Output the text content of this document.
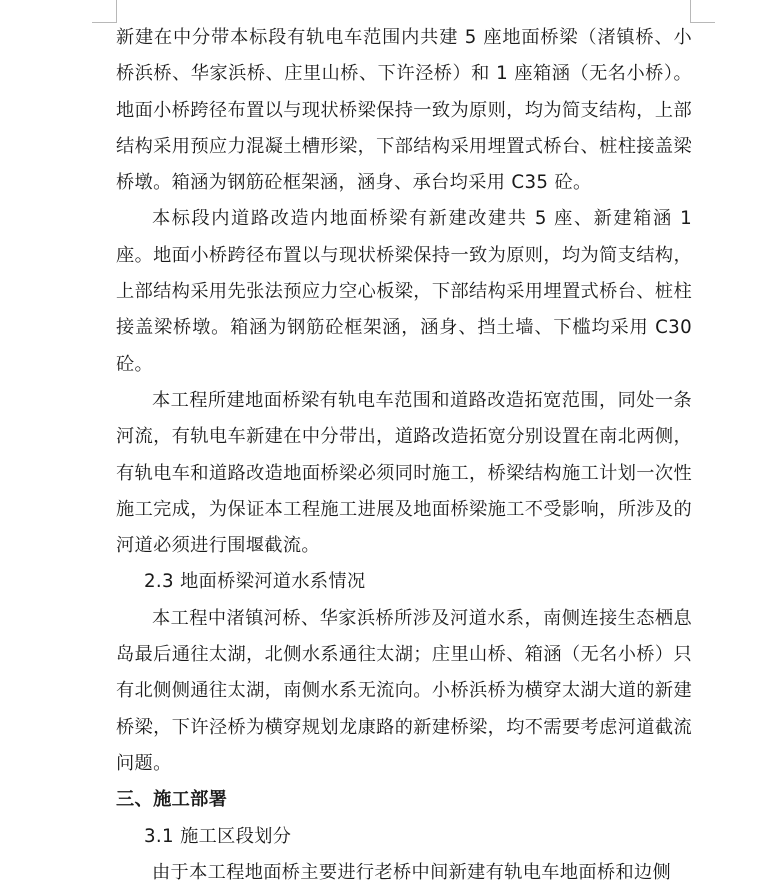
新建在中分带本标段有轨电车范围内共建 5 座地面桥梁（渚镇桥、小桥浜桥、华家浜桥、庄里山桥、下许泾桥）和 1 座箱涵（无名小桥）。地面小桥跨径布置以与现状桥梁保持一致为原则，均为简支结构，上部结构采用预应力混凝土槽形梁，下部结构采用埋置式桥台、桩柱接盖梁桥墩。箱涵为钢筋砼框架涵，涵身、承台均采用 C35 砼。

本标段内道路改造内地面桥梁有新建改建共 5 座、新建箱涵 1 座。地面小桥跨径布置以与现状桥梁保持一致为原则，均为简支结构，上部结构采用先张法预应力空心板梁，下部结构采用埋置式桥台、桩柱接盖梁桥墩。箱涵为钢筋砼框架涵，涵身、挡土墙、下槛均采用 C30 砼。

本工程所建地面桥梁有轨电车范围和道路改造拓宽范围，同处一条河流，有轨电车新建在中分带出，道路改造拓宽分别设置在南北两侧，有轨电车和道路改造地面桥梁必须同时施工，桥梁结构施工计划一次性施工完成，为保证本工程施工进展及地面桥梁施工不受影响，所涉及的河道必须进行围堰截流。

2.3 地面桥梁河道水系情况

本工程中渚镇河桥、华家浜桥所涉及河道水系，南侧连接生态栖息岛最后通往太湖，北侧水系通往太湖；庄里山桥、箱涵（无名小桥）只有北侧侧通往太湖，南侧水系无流向。小桥浜桥为横穿太湖大道的新建桥梁，下许泾桥为横穿规划龙康路的新建桥梁，均不需要考虑河道截流问题。

三、施工部署

3.1 施工区段划分

由于本工程地面桥主要进行老桥中间新建有轨电车地面桥和边侧
